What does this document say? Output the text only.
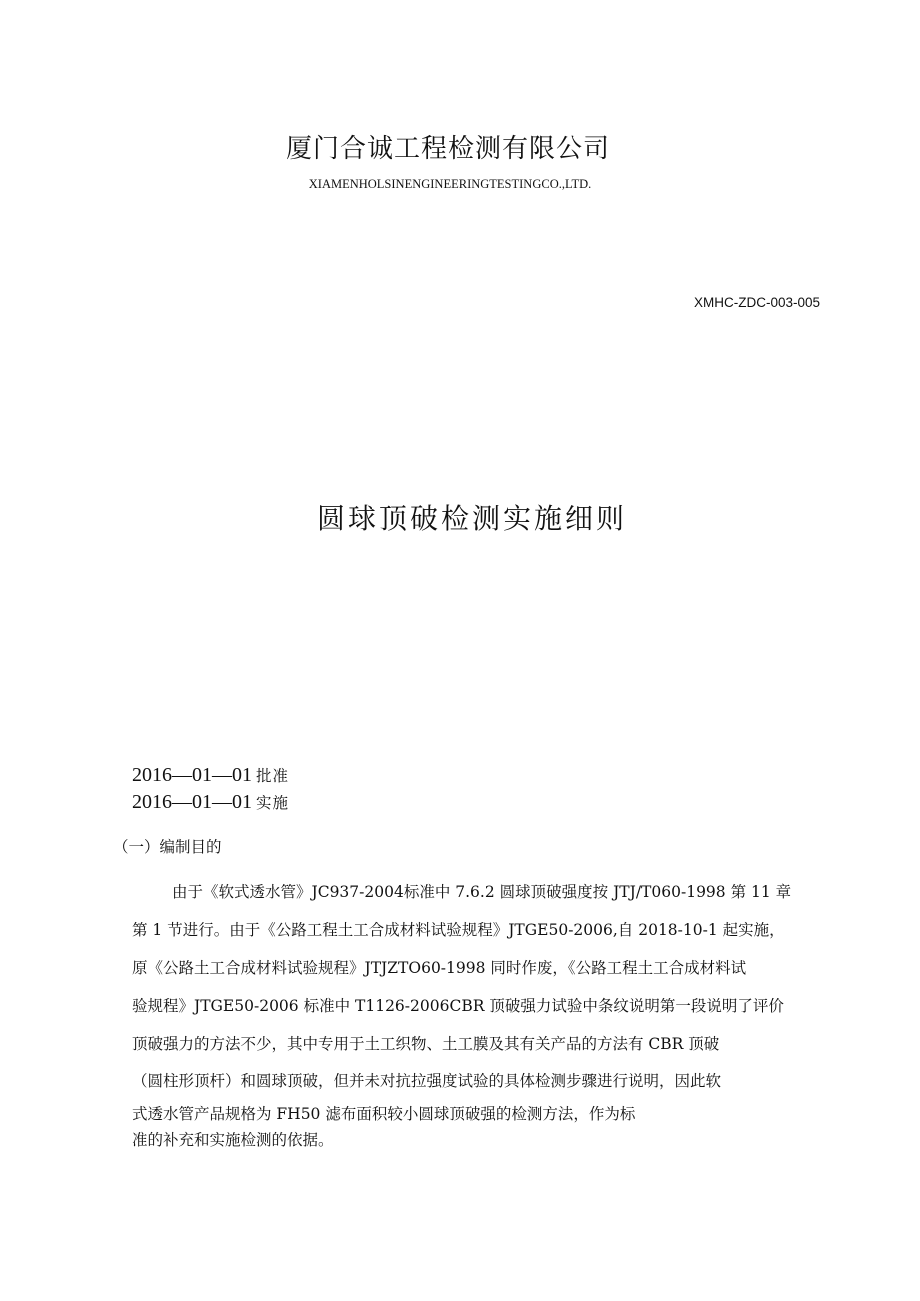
厦门合诚工程检测有限公司

XIAMENHOLSINENGINEERINGTESTINGCO.,LTD.

XMHC-ZDC-003-005

圆球顶破检测实施细则

2016—01—01 批准

2016—01—01 实施

（一）编制目的

由于《软式透水管》JC937-2004标准中 7.6.2 圆球顶破强度按 JTJ/T060-1998 第 11 章

第 1 节进行。由于《公路工程土工合成材料试验规程》JTGE50-2006,自 2018-10-1 起实施，

原《公路土工合成材料试验规程》JTJZTO60-1998 同时作废，《公路工程土工合成材料试

验规程》JTGE50-2006 标准中 T1126-2006CBR 顶破强力试验中条纹说明第一段说明了评价

顶破强力的方法不少，其中专用于土工织物、土工膜及其有关产品的方法有 CBR 顶破

（圆柱形顶杆）和圆球顶破，但并未对抗拉强度试验的具体检测步骤进行说明，因此软

式透水管产品规格为 FH50 滤布面积较小圆球顶破强的检测方法，作为标

准的补充和实施检测的依据。
